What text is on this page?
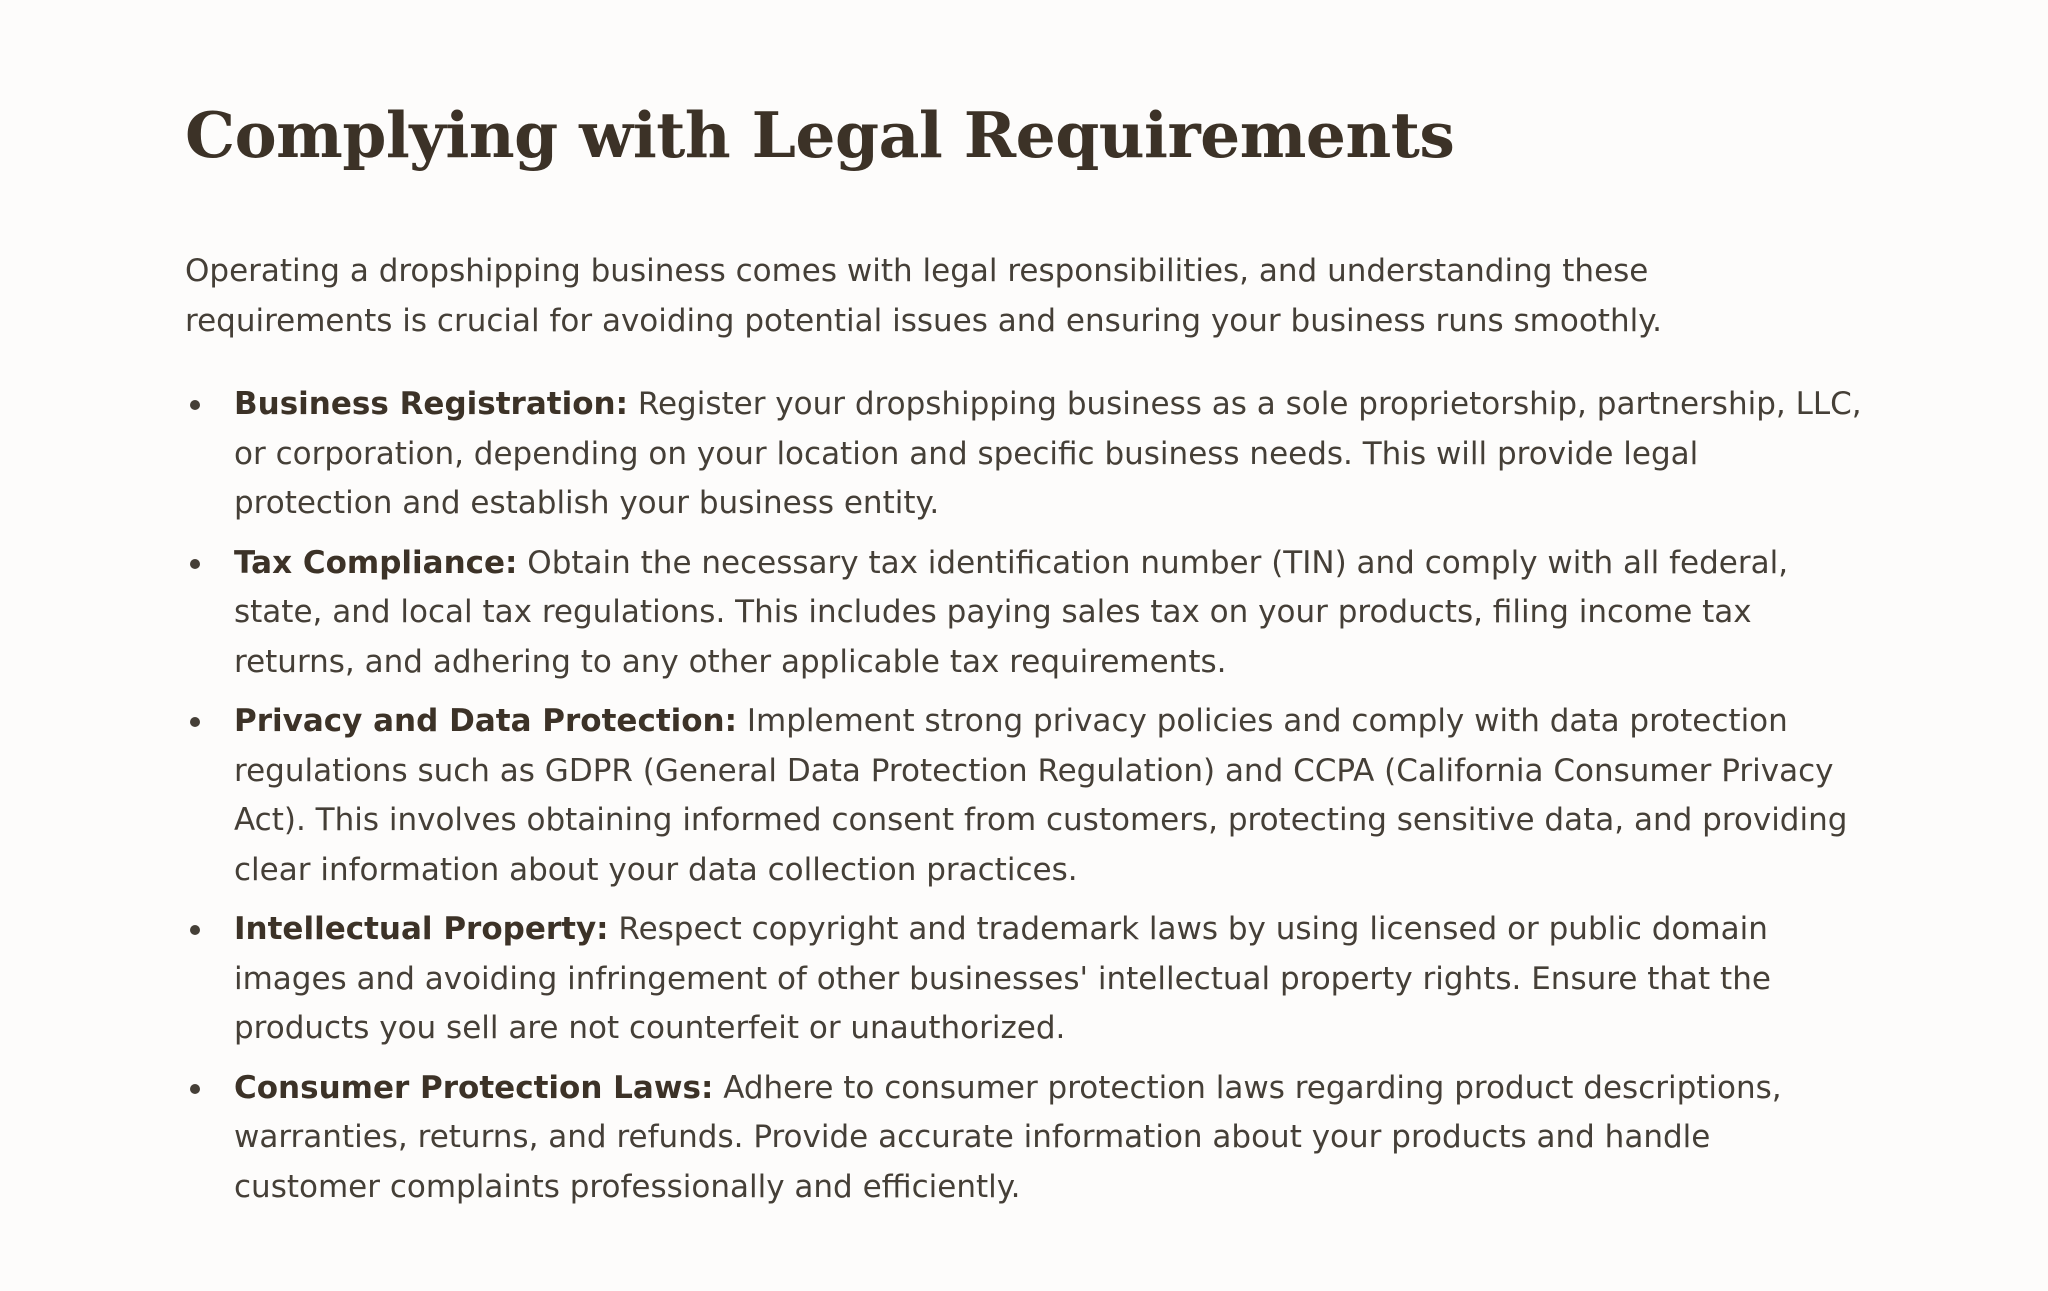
Complying with Legal Requirements

Operating a dropshipping business comes with legal responsibilities, and understanding these requirements is crucial for avoiding potential issues and ensuring your business runs smoothly.

Business Registration: Register your dropshipping business as a sole proprietorship, partnership, LLC, or corporation, depending on your location and specific business needs. This will provide legal protection and establish your business entity.
Tax Compliance: Obtain the necessary tax identification number (TIN) and comply with all federal, state, and local tax regulations. This includes paying sales tax on your products, filing income tax returns, and adhering to any other applicable tax requirements.
Privacy and Data Protection: Implement strong privacy policies and comply with data protection regulations such as GDPR (General Data Protection Regulation) and CCPA (California Consumer Privacy Act). This involves obtaining informed consent from customers, protecting sensitive data, and providing clear information about your data collection practices.
Intellectual Property: Respect copyright and trademark laws by using licensed or public domain images and avoiding infringement of other businesses' intellectual property rights. Ensure that the products you sell are not counterfeit or unauthorized.
Consumer Protection Laws: Adhere to consumer protection laws regarding product descriptions, warranties, returns, and refunds. Provide accurate information about your products and handle customer complaints professionally and efficiently.
